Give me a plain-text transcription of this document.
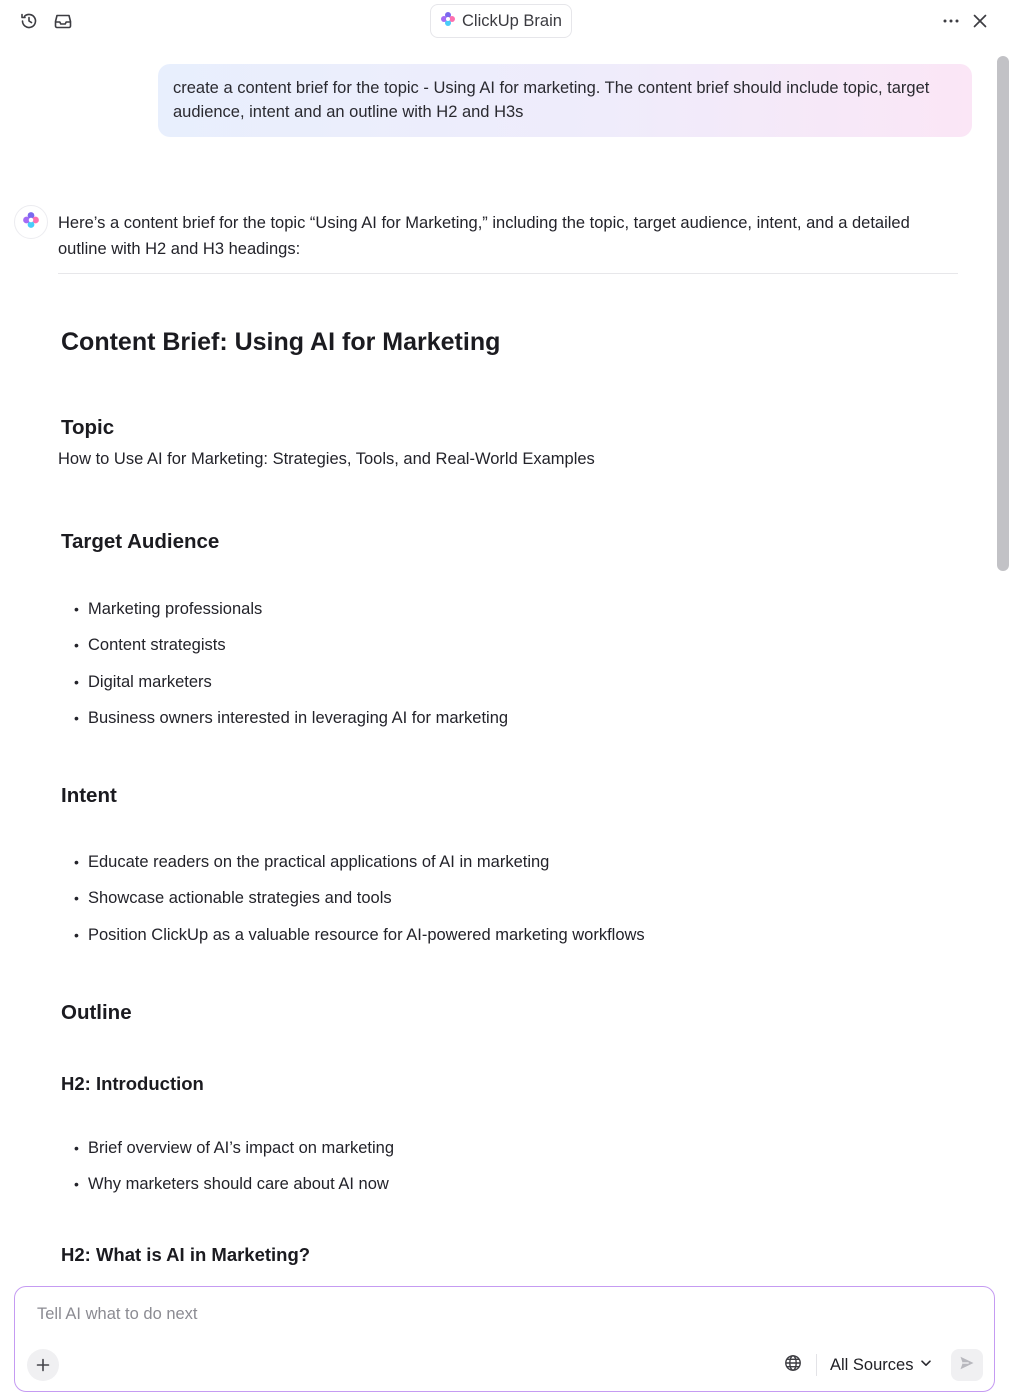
ClickUp Brain
create a content brief for the topic - Using AI for marketing. The content brief should include topic, target audience, intent and an outline with H2 and H3s
Here’s a content brief for the topic “Using AI for Marketing,” including the topic, target audience, intent, and a detailed outline with H2 and H3 headings:
Content Brief: Using AI for Marketing
Topic
How to Use AI for Marketing: Strategies, Tools, and Real-World Examples
Target Audience
• Marketing professionals
• Content strategists
• Digital marketers
• Business owners interested in leveraging AI for marketing
Intent
• Educate readers on the practical applications of AI in marketing
• Showcase actionable strategies and tools
• Position ClickUp as a valuable resource for AI-powered marketing workflows
Outline
H2: Introduction
• Brief overview of AI’s impact on marketing
• Why marketers should care about AI now
H2: What is AI in Marketing?
Tell AI what to do next
All Sources
